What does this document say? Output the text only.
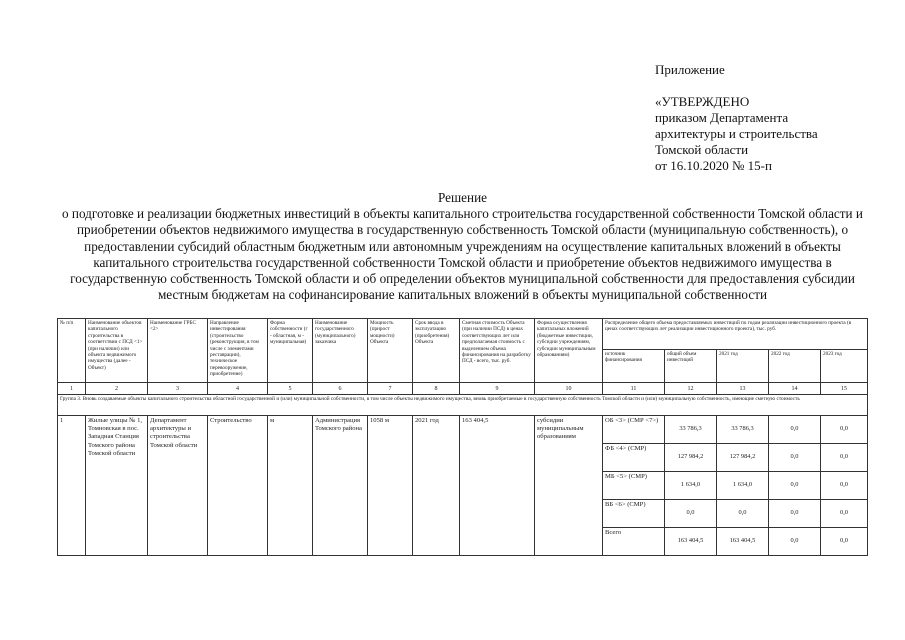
Приложение
«УТВЕРЖДЕНО
приказом Департамента
архитектуры и строительства
Томской области
от 16.10.2020 № 15-п
Решение
о подготовке и реализации бюджетных инвестиций в объекты капитального строительства государственной собственности Томской области и приобретении объектов недвижимого имущества в государственную собственность Томской области (муниципальную собственность), о предоставлении субсидий областным бюджетным или автономным учреждениям на осуществление капитальных вложений в объекты капитального строительства государственной собственности Томской области и приобретение объектов недвижимого имущества в государственную собственность Томской области и об определении объектов муниципальной собственности для предоставления субсидии местным бюджетам на софинансирование капитальных вложений в объекты муниципальной собственности
№ п/п	Наименование объектов капитального строительства в соответствии с ПСД <1> (при наличии) или объекта недвижимого имущества (далее - Объект)	Наименование ГРБС <2>	Направление инвестирования (строительство (реконструкция, в том числе с элементами реставрации), техническое перевооружение, приобретение)	Форма собственности (г - областная, м - муниципальная)	Наименование государственного (муниципального) заказчика	Мощность (прирост мощности) Объекта	Срок ввода в эксплуатацию (приобретения) Объекта	Сметная стоимость Объекта (при наличии ПСД) в ценах соответствующих лет или предполагаемая стоимость с выделением объема финансирования на разработку ПСД - всего, тыс. руб.	Форма осуществления капитальных вложений (бюджетные инвестиции, субсидии учреждениям, субсидии муниципальным образованиям)	Распределение общего объема предоставляемых инвестиций по годам реализации инвестиционного проекта (в ценах соответствующих лет реализации инвестиционного проекта), тыс. руб.				
										источник финансирования	общий объем инвестиций	2021 год	2022 год	2023 год
1	2	3	4	5	6	7	8	9	10	11	12	13	14	15
Группа 3. Вновь создаваемые объекты капитального строительства областной государственной и (или) муниципальной собственности, в том числе объекты недвижимого имущества, вновь приобретаемые в государственную собственность Томской области и (или) муниципальную собственность, имеющие сметную стоимость														
1	Жилые улицы № 1, Томновская в пос. Западная Станция Томского района Томской области	Департамент архитектуры и строительства Томской области	Строительство	м	Администрация Томского района	1058 м	2021 год	163 404,5	субсидии муниципальным образованиям	ОБ <3> (СМР <7>)	33 786,3	33 786,3	0,0	0,0
										ФБ <4> (СМР)	127 984,2	127 984,2	0,0	0,0
										МБ <5> (СМР)	1 634,0	1 634,0	0,0	0,0
										ВБ <6> (СМР)	0,0	0,0	0,0	0,0
										Всего	163 404,5	163 404,5	0,0	0,0
